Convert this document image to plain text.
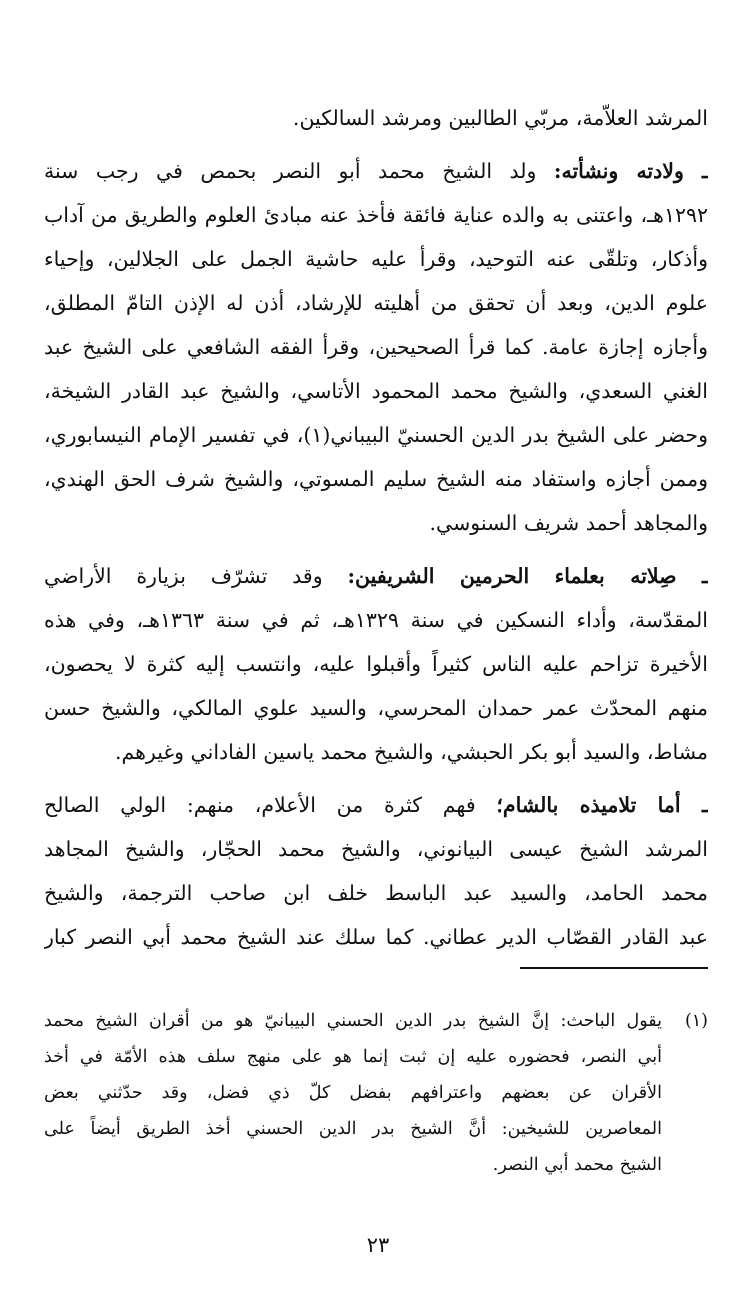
المرشد العلاّمة، مربّي الطالبين ومرشد السالكين.
ـ ولادته ونشأته: ولد الشيخ محمد أبو النصر بحمص في رجب سنة
١٢٩٢هـ، واعتنى به والده عناية فائقة فأخذ عنه مبادئ العلوم والطريق من آداب
وأذكار، وتلقّى عنه التوحيد، وقرأ عليه حاشية الجمل على الجلالين، وإحياء
علوم الدين، وبعد أن تحقق من أهليته للإرشاد، أذن له الإذن التامّ المطلق،
وأجازه إجازة عامة. كما قرأ الصحيحين، وقرأ الفقه الشافعي على الشيخ عبد
الغني السعدي، والشيخ محمد المحمود الأتاسي، والشيخ عبد القادر الشيخة،
وحضر على الشيخ بدر الدين الحسنيّ البيباني(١)، في تفسير الإمام النيسابوري،
وممن أجازه واستفاد منه الشيخ سليم المسوتي، والشيخ شرف الحق الهندي،
والمجاهد أحمد شريف السنوسي.
ـ صِلاته بعلماء الحرمين الشريفين: وقد تشرّف بزيارة الأراضي
المقدّسة، وأداء النسكين في سنة ١٣٢٩هـ، ثم في سنة ١٣٦٣هـ، وفي هذه
الأخيرة تزاحم عليه الناس كثيراً وأقبلوا عليه، وانتسب إليه كثرة لا يحصون،
منهم المحدّث عمر حمدان المحرسي، والسيد علوي المالكي، والشيخ حسن
مشاط، والسيد أبو بكر الحبشي، والشيخ محمد ياسين الفاداني وغيرهم.
ـ أما تلاميذه بالشام؛ فهم كثرة من الأعلام، منهم: الولي الصالح
المرشد الشيخ عيسى البيانوني، والشيخ محمد الحجّار، والشيخ المجاهد
محمد الحامد، والسيد عبد الباسط خلف ابن صاحب الترجمة، والشيخ
عبد القادر القصّاب الدير عطاني. كما سلك عند الشيخ محمد أبي النصر كبار
(١)
يقول الباحث: إنَّ الشيخ بدر الدين الحسني البيبانيّ هو من أقران الشيخ محمد
أبي النصر، فحضوره عليه إن ثبت إنما هو على منهج سلف هذه الأمّة في أخذ
الأقران عن بعضهم واعترافهم بفضل كلّ ذي فضل، وقد حدّثني بعض
المعاصرين للشيخين: أنَّ الشيخ بدر الدين الحسني أخذ الطريق أيضاً على
الشيخ محمد أبي النصر.
٢٣
